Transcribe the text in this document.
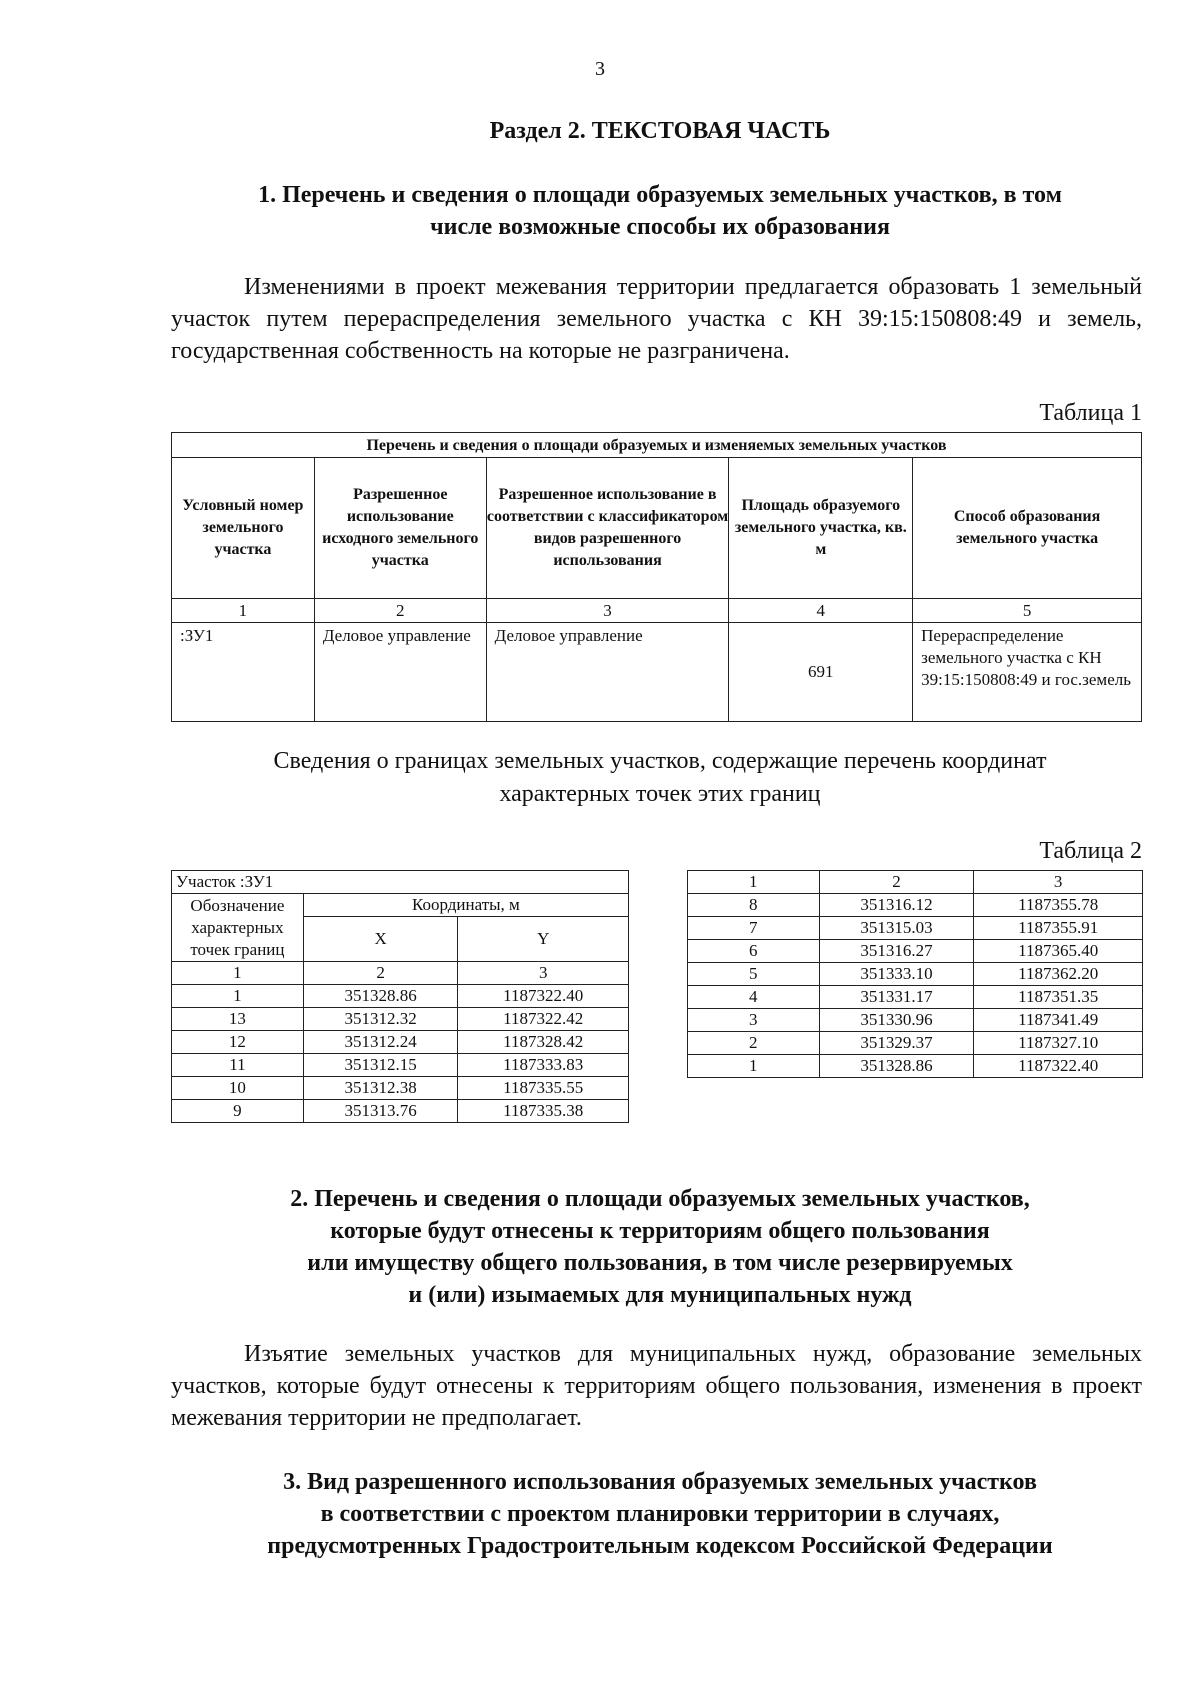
3
Раздел 2. ТЕКСТОВАЯ ЧАСТЬ
1. Перечень и сведения о площади образуемых земельных участков, в том
числе возможные способы их образования
Изменениями в проект межевания территории предлагается образовать 1 земельный участок путем перераспределения земельного участка с КН 39:15:150808:49 и земель, государственная собственность на которые не разграничена.
Таблица 1
Перечень и сведения о площади образуемых и изменяемых земельных участков				
Условный номер земельного участка	Разрешенное использование исходного земельного участка	Разрешенное использование в соответствии с классификатором видов разрешенного использования	Площадь образуемого земельного участка, кв. м	Способ образования земельного участка
1	2	3	4	5
:ЗУ1	Деловое управление	Деловое управление	691	Перераспределение земельного участка с КН 39:15:150808:49 и гос.земель
Сведения о границах земельных участков, содержащие перечень координат
характерных точек этих границ
Таблица 2
Участок :ЗУ1		
Обозначение характерных точек границ	Координаты, м	
	X	Y
1	2	3
1	351328.86	1187322.40
13	351312.32	1187322.42
12	351312.24	1187328.42
11	351312.15	1187333.83
10	351312.38	1187335.55
9	351313.76	1187335.38
1	2	3
8	351316.12	1187355.78
7	351315.03	1187355.91
6	351316.27	1187365.40
5	351333.10	1187362.20
4	351331.17	1187351.35
3	351330.96	1187341.49
2	351329.37	1187327.10
1	351328.86	1187322.40
2. Перечень и сведения о площади образуемых земельных участков,
которые будут отнесены к территориям общего пользования
или имуществу общего пользования, в том числе резервируемых
и (или) изымаемых для муниципальных нужд
Изъятие земельных участков для муниципальных нужд, образование земельных участков, которые будут отнесены к территориям общего пользования, изменения в проект межевания территории не предполагает.
3. Вид разрешенного использования образуемых земельных участков
в соответствии с проектом планировки территории в случаях,
предусмотренных Градостроительным кодексом Российской Федерации
